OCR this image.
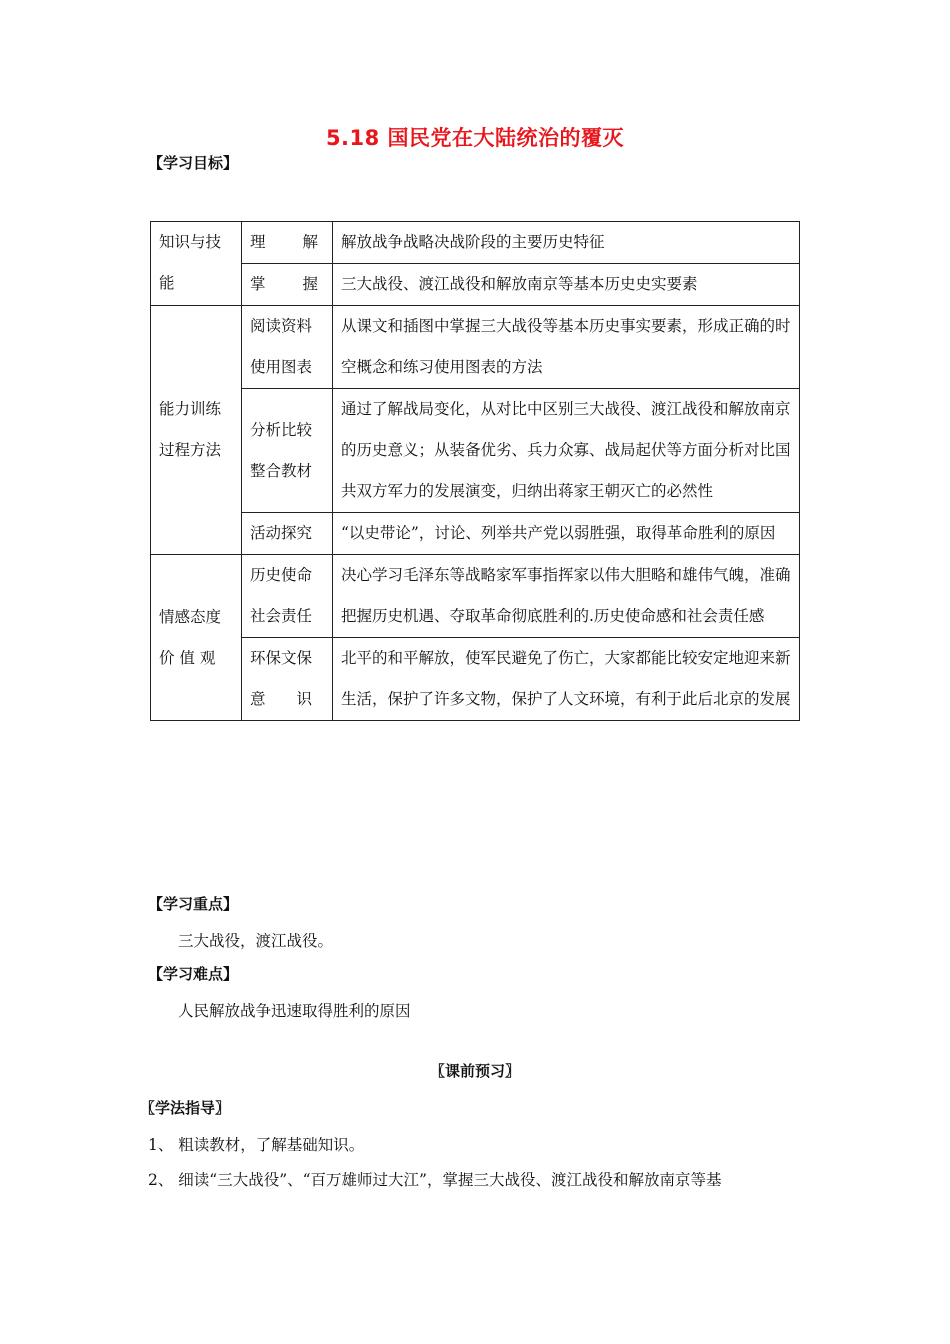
5.18 国民党在大陆统治的覆灭
【学习目标】
知识与技能	理　　解	解放战争战略决战阶段的主要历史特征
	掌　　握	三大战役、渡江战役和解放南京等基本历史史实要素
能力训练过程方法	阅读资料使用图表	从课文和插图中掌握三大战役等基本历史事实要素，形成正确的时空概念和练习使用图表的方法
	分析比较整合教材	通过了解战局变化，从对比中区别三大战役、渡江战役和解放南京的历史意义；从装备优劣、兵力众寡、战局起伏等方面分析对比国共双方军力的发展演变，归纳出蒋家王朝灭亡的必然性
	活动探究	“以史带论”，讨论、列举共产党以弱胜强，取得革命胜利的原因
情感态度价 值 观	历史使命社会责任	决心学习毛泽东等战略家军事指挥家以伟大胆略和雄伟气魄，准确把握历史机遇、夺取革命彻底胜利的.历史使命感和社会责任感
	环保文保意　　识	北平的和平解放，使军民避免了伤亡，大家都能比较安定地迎来新生活，保护了许多文物，保护了人文环境，有利于此后北京的发展
【学习重点】
三大战役，渡江战役。
【学习难点】
人民解放战争迅速取得胜利的原因
〖课前预习〗
〖学法指导〗
1、 粗读教材，了解基础知识。
2、 细读“三大战役”、“百万雄师过大江”，掌握三大战役、渡江战役和解放南京等基
